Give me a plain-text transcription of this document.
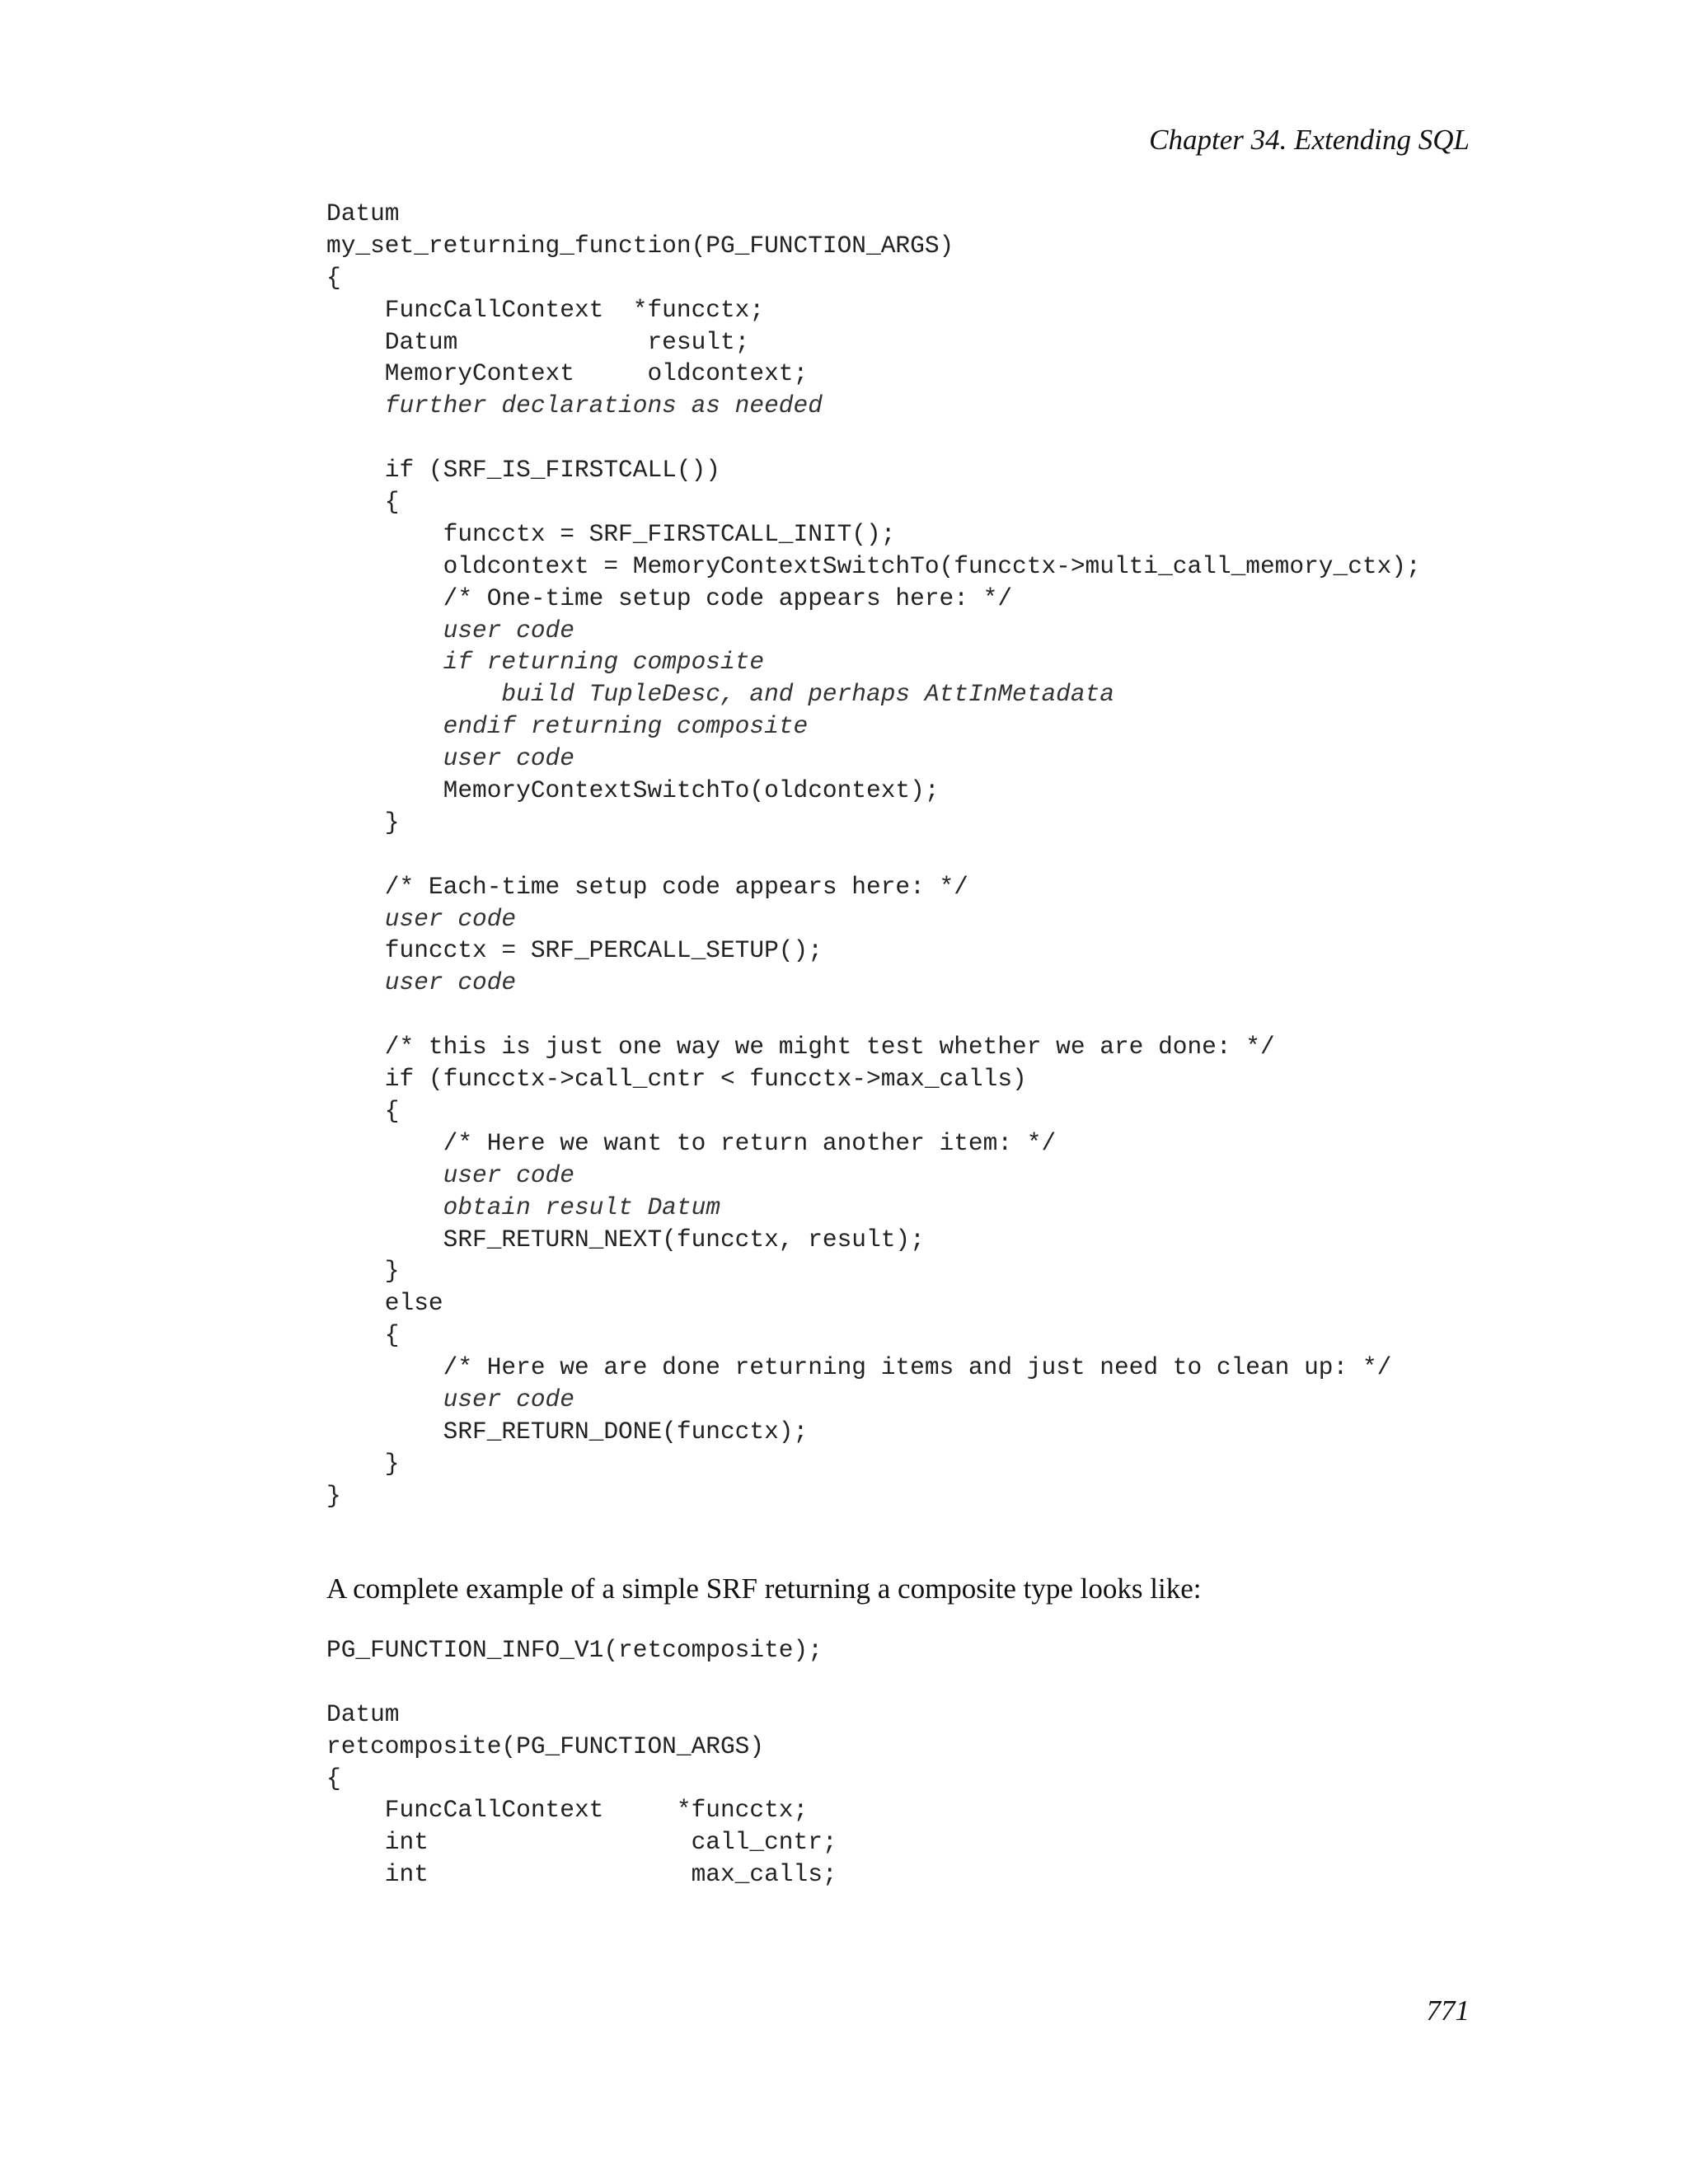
Chapter 34. Extending SQL
Datum
my_set_returning_function(PG_FUNCTION_ARGS)
{
FuncCallContext  *funcctx;
Datum             result;
MemoryContext     oldcontext;
further declarations as needed
if (SRF_IS_FIRSTCALL())
{
funcctx = SRF_FIRSTCALL_INIT();
oldcontext = MemoryContextSwitchTo(funcctx->multi_call_memory_ctx);
/* One-time setup code appears here: */
user code
if returning composite
build TupleDesc, and perhaps AttInMetadata
endif returning composite
user code
MemoryContextSwitchTo(oldcontext);
}
/* Each-time setup code appears here: */
user code
funcctx = SRF_PERCALL_SETUP();
user code
/* this is just one way we might test whether we are done: */
if (funcctx->call_cntr < funcctx->max_calls)
{
/* Here we want to return another item: */
user code
obtain result Datum
SRF_RETURN_NEXT(funcctx, result);
}
else
{
/* Here we are done returning items and just need to clean up: */
user code
SRF_RETURN_DONE(funcctx);
}
}
A complete example of a simple SRF returning a composite type looks like:
PG_FUNCTION_INFO_V1(retcomposite);
Datum
retcomposite(PG_FUNCTION_ARGS)
{
FuncCallContext     *funcctx;
int                  call_cntr;
int                  max_calls;
771
